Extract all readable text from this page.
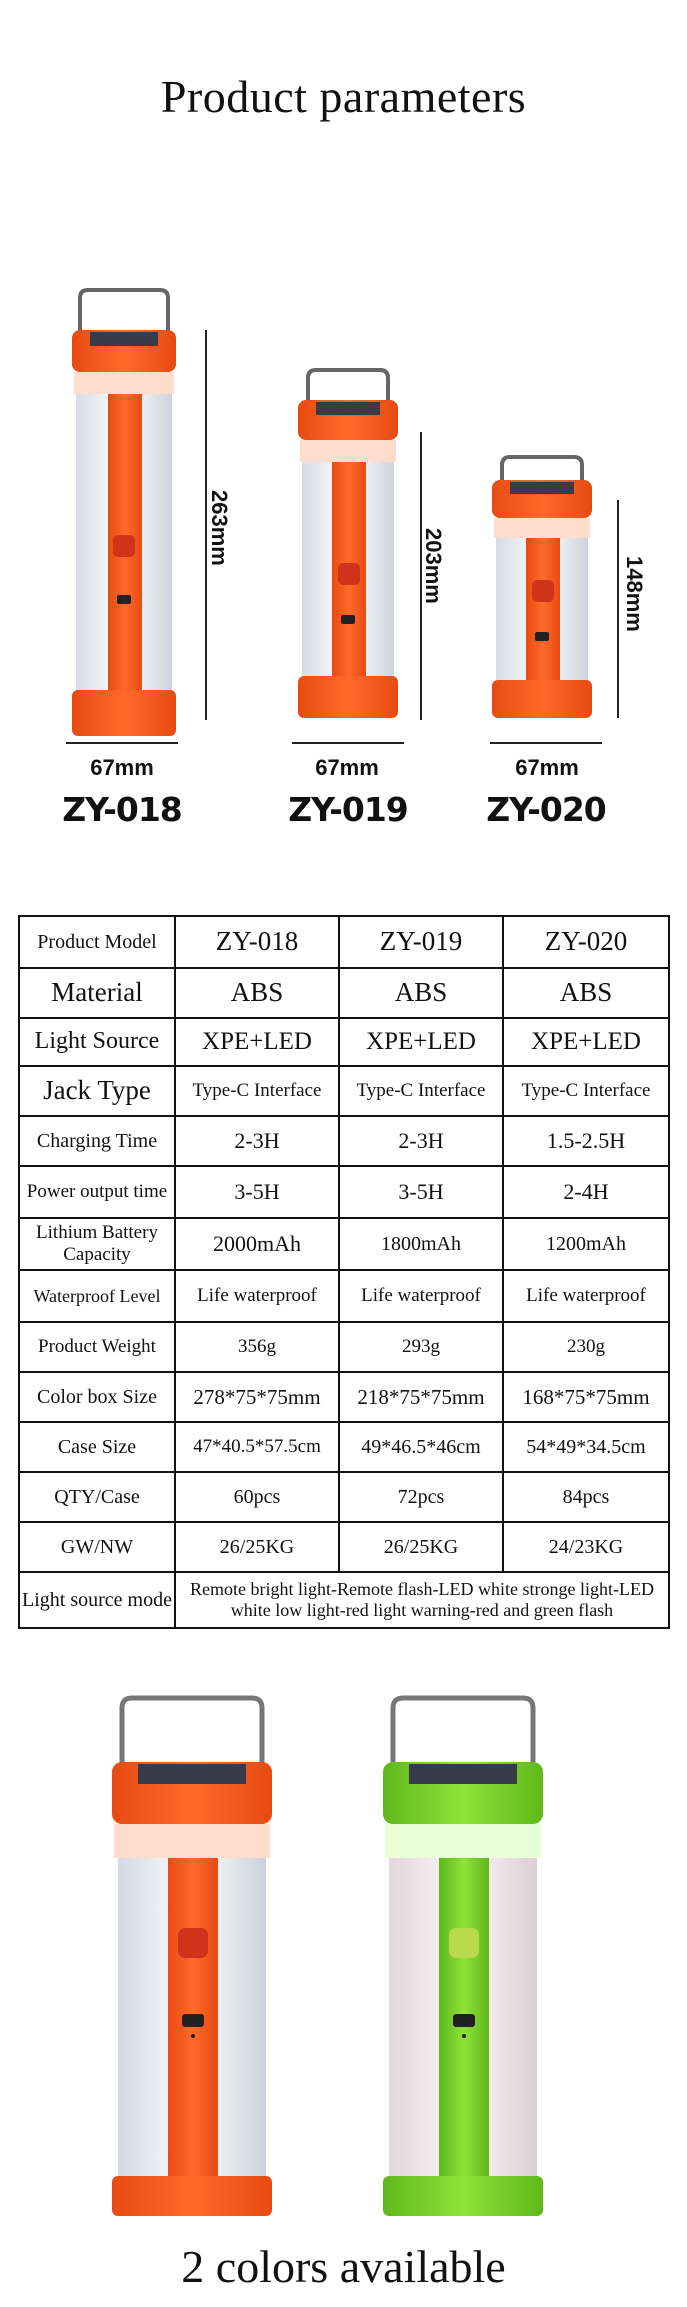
Product parameters
263mm
203mm	148mm
67mm	67mm	67mm
ZY-018	ZY-019	ZY-020
Product Model	ZY-018	ZY-019	ZY-020
Material	ABS	ABS	ABS
Light Source	XPE+LED	XPE+LED	XPE+LED
Jack Type	Type-C Interface	Type-C Interface	Type-C Interface
Charging Time	2-3H	2-3H	1.5-2.5H
Power output time	3-5H	3-5H	2-4H
Lithium Battery Capacity	2000mAh	1800mAh	1200mAh
Waterproof Level	Life waterproof	Life waterproof	Life waterproof
Product Weight	356g	293g	230g
Color box Size	278*75*75mm	218*75*75mm	168*75*75mm
Case Size	47*40.5*57.5cm	49*46.5*46cm	54*49*34.5cm
QTY/Case	60pcs	72pcs	84pcs
GW/NW	26/25KG	26/25KG	24/23KG
Light source mode	Remote bright light-Remote flash-LED white stronge light-LED white low light-red light warning-red and green flash		
2 colors available
